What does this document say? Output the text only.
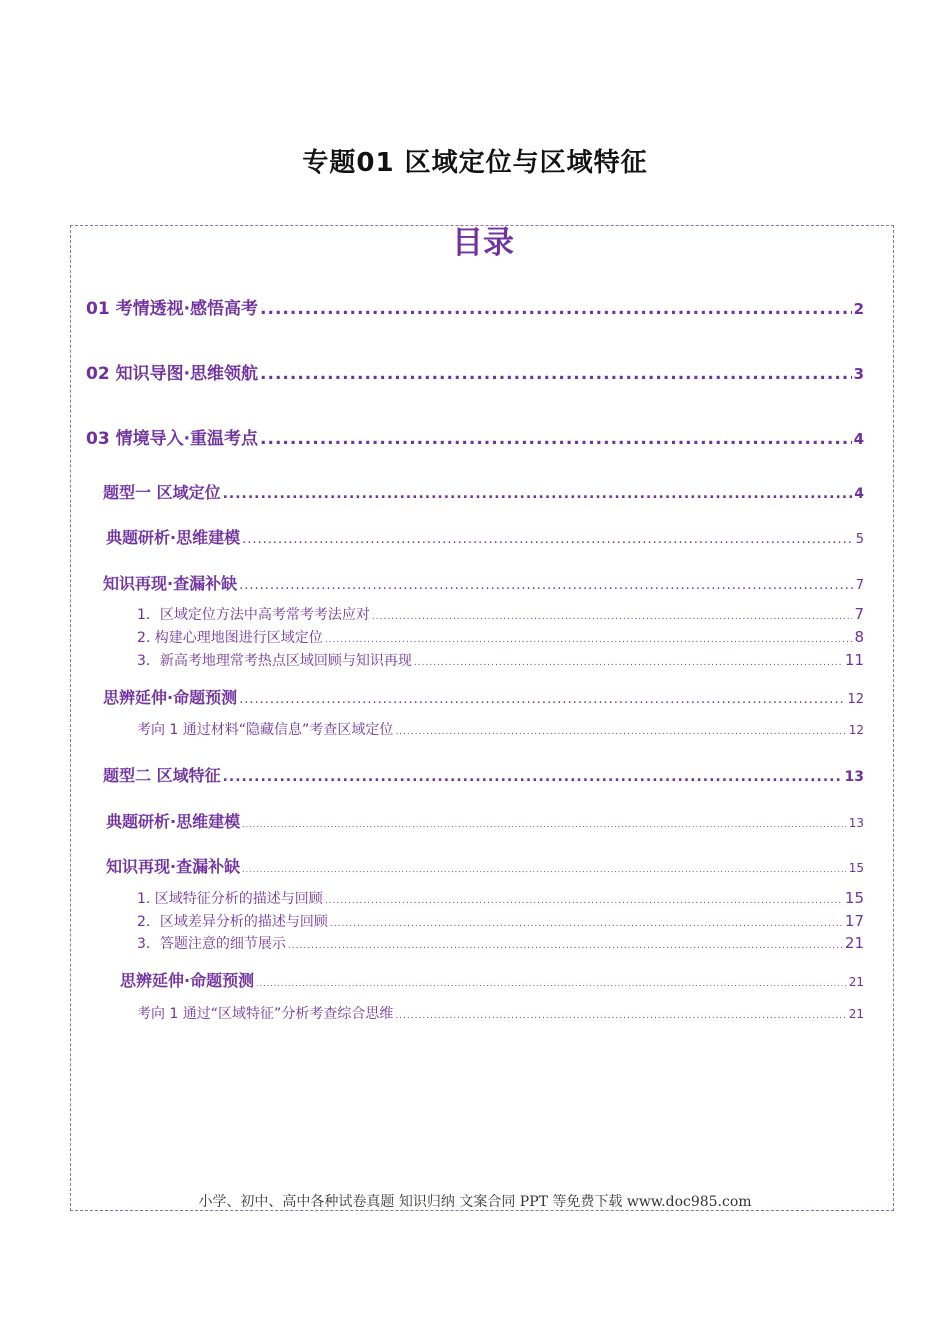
专题01 区域定位与区域特征
目录
01 考情透视·感悟高考 .....	2
02 知识导图·思维领航 .....	3
03 情境导入·重温考点 .....	4
题型一 区域定位 .....	4
典题研析·思维建模 .....	5
知识再现·查漏补缺 .....	7
1．区域定位方法中高考常考考法应对 .....	7
2. 构建心理地图进行区域定位 .....	8
3．新高考地理常考热点区域回顾与知识再现 .....	11
思辨延伸·命题预测 .....	12
考向 1 通过材料“隐藏信息”考查区域定位 .....	12
题型二 区域特征 .....	13
典题研析·思维建模 .....	13
知识再现·查漏补缺 .....	15
1. 区域特征分析的描述与回顾 .....	15
2．区域差异分析的描述与回顾 .....	17
3．答题注意的细节展示 .....	21
思辨延伸·命题预测 .....	21
考向 1 通过“区域特征”分析考查综合思维 .....	21
小学、初中、高中各种试卷真题 知识归纳 文案合同 PPT 等免费下载 www.doc985.com
